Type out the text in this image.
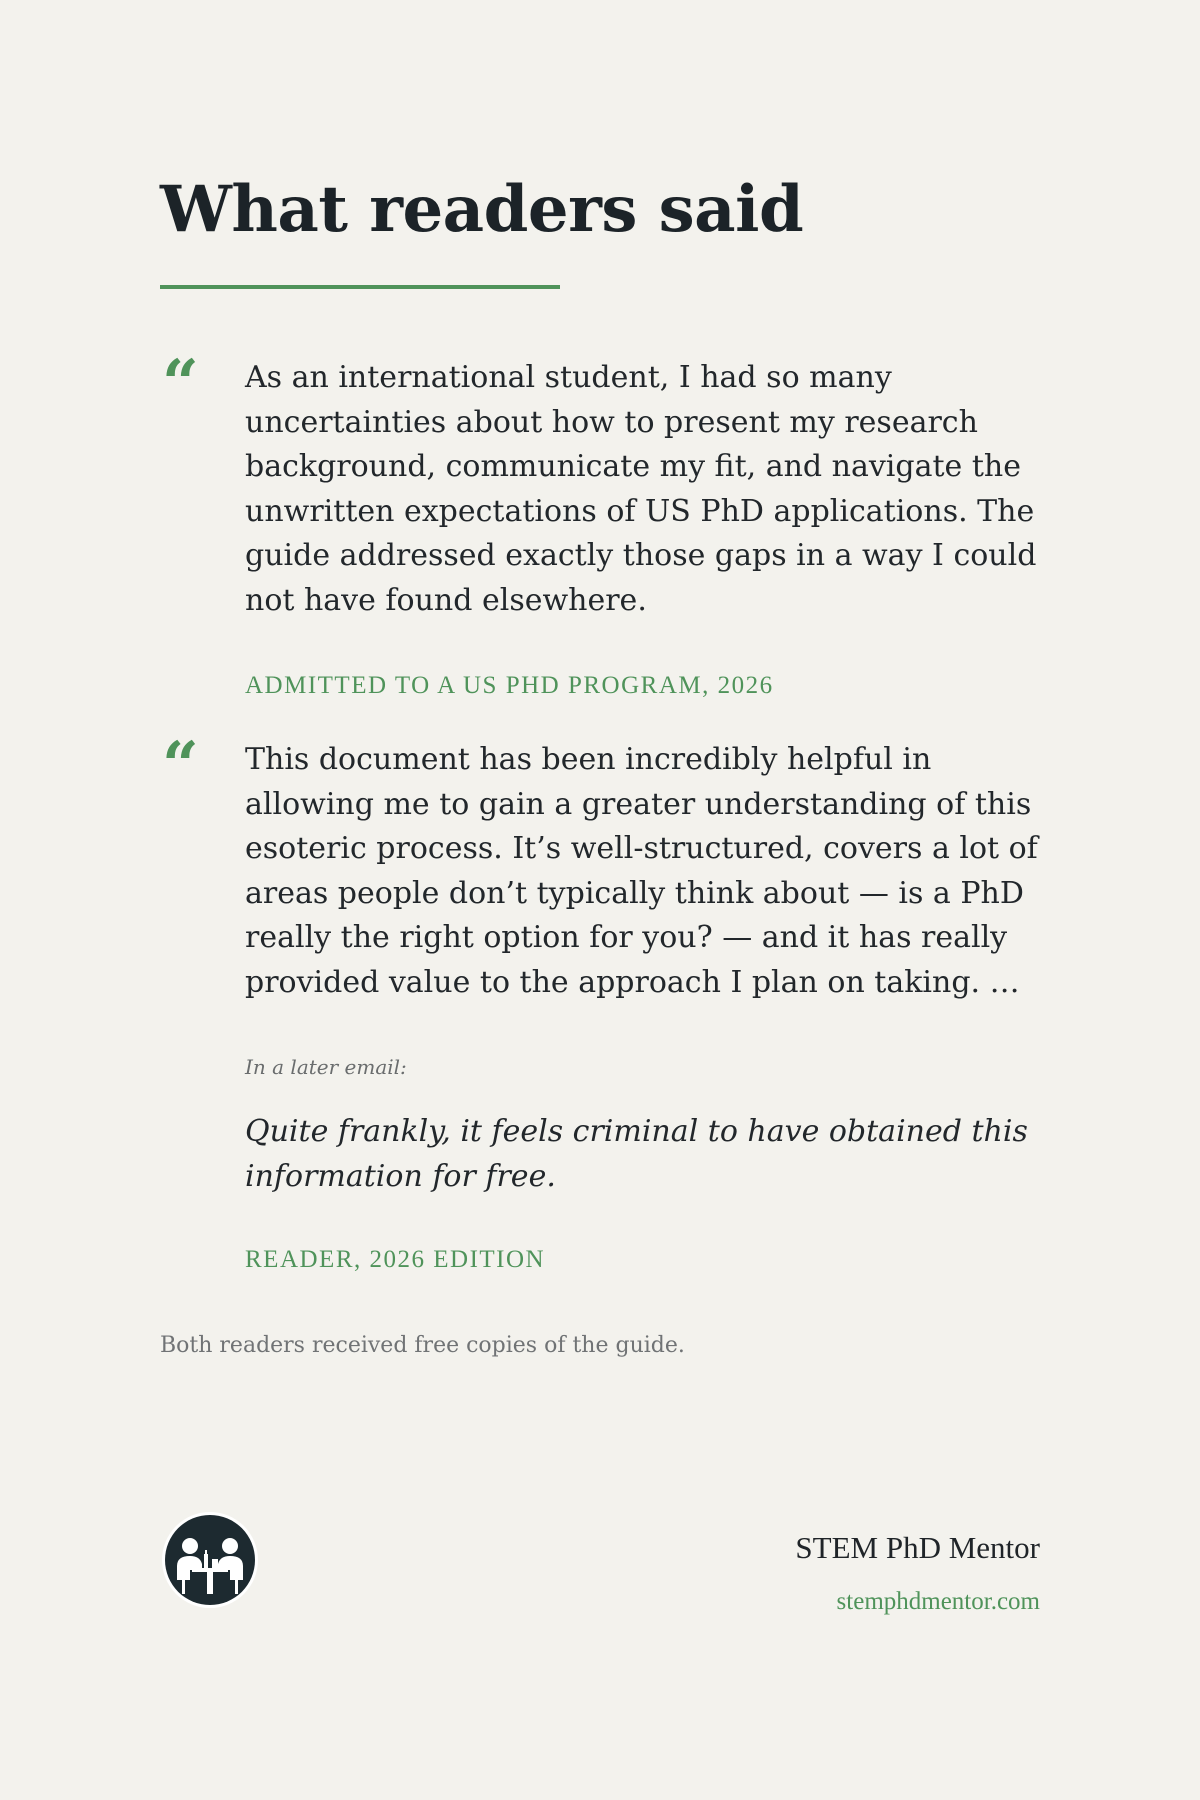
What readers said
“	As an international student, I had so many uncertainties about how to present my research background, communicate my fit, and navigate the unwritten expectations of US PhD applications. The guide addressed exactly those gaps in a way I could not have found elsewhere.

ADMITTED TO A US PHD PROGRAM, 2026

“	This document has been incredibly helpful in allowing me to gain a greater understanding of this esoteric process. It’s well-structured, covers a lot of areas people don’t typically think about — is a PhD really the right option for you? — and it has really provided value to the approach I plan on taking. …

In a later email:

Quite frankly, it feels criminal to have obtained this information for free.

READER, 2026 EDITION

Both readers received free copies of the guide.

STEM PhD Mentor

stemphdmentor.com
